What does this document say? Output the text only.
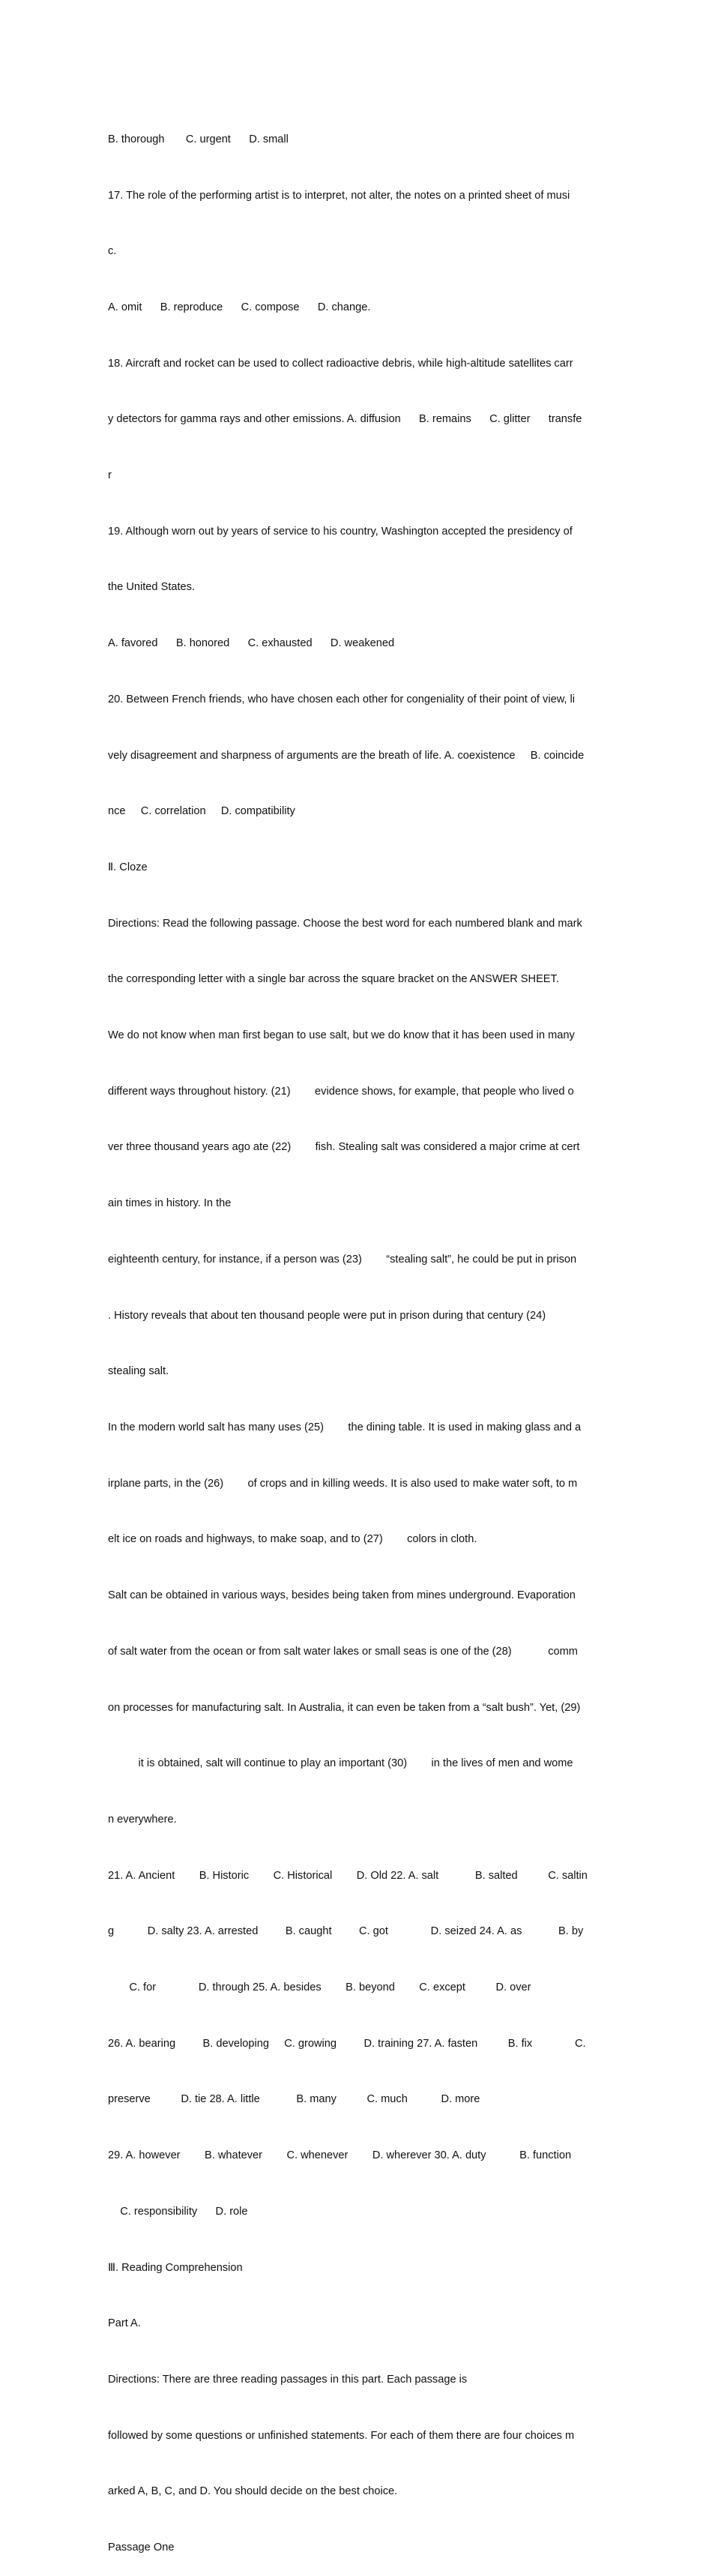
B. thorough       C. urgent      D. small

17. The role of the performing artist is to interpret, not alter, the notes on a printed sheet of musi

c.

A. omit      B. reproduce      C. compose      D. change.

18. Aircraft and rocket can be used to collect radioactive debris, while high-altitude satellites carr

y detectors for gamma rays and other emissions. A. diffusion      B. remains      C. glitter      transfe

r

19. Although worn out by years of service to his country, Washington accepted the presidency of

the United States.

A. favored      B. honored      C. exhausted      D. weakened

20. Between French friends, who have chosen each other for congeniality of their point of view, li

vely disagreement and sharpness of arguments are the breath of life. A. coexistence     B. coincide

nce     C. correlation     D. compatibility

Ⅱ. Cloze

Directions: Read the following passage. Choose the best word for each numbered blank and mark

the corresponding letter with a single bar across the square bracket on the ANSWER SHEET.

We do not know when man first began to use salt, but we do know that it has been used in many

different ways throughout history. (21)        evidence shows, for example, that people who lived o

ver three thousand years ago ate (22)        fish. Stealing salt was considered a major crime at cert

ain times in history. In the

eighteenth century, for instance, if a person was (23)        “stealing salt”, he could be put in prison

. History reveals that about ten thousand people were put in prison during that century (24)

stealing salt.

In the modern world salt has many uses (25)        the dining table. It is used in making glass and a

irplane parts, in the (26)        of crops and in killing weeds. It is also used to make water soft, to m

elt ice on roads and highways, to make soap, and to (27)        colors in cloth.

Salt can be obtained in various ways, besides being taken from mines underground. Evaporation

of salt water from the ocean or from salt water lakes or small seas is one of the (28)            comm

on processes for manufacturing salt. In Australia, it can even be taken from a “salt bush”. Yet, (29)

it is obtained, salt will continue to play an important (30)        in the lives of men and wome

n everywhere.

21. A. Ancient        B. Historic        C. Historical        D. Old 22. A. salt            B. salted          C. saltin

g           D. salty 23. A. arrested         B. caught         C. got              D. seized 24. A. as            B. by

C. for              D. through 25. A. besides        B. beyond        C. except          D. over

26. A. bearing         B. developing     C. growing         D. training 27. A. fasten          B. fix              C.

preserve          D. tie 28. A. little            B. many          C. much           D. more

29. A. however        B. whatever        C. whenever        D. wherever 30. A. duty           B. function

C. responsibility      D. role

Ⅲ. Reading Comprehension

Part A.

Directions: There are three reading passages in this part. Each passage is

followed by some questions or unfinished statements. For each of them there are four choices m

arked A, B, C, and D. You should decide on the best choice.

Passage One
